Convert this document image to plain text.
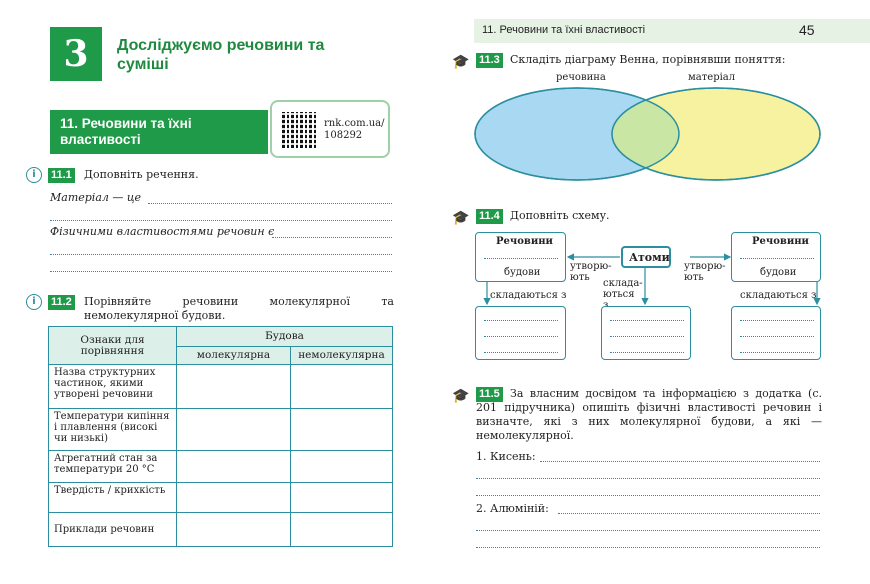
3	Досліджуємо речовини та суміші
11. Речовини та їхні властивості
rnk.com.ua/ 108292
i	11.1 Доповніть речення.
Матеріал — це
Фізичними властивостями речовин є
i	11.2 Порівняйте речовини молекулярної та немолекулярної будови.
Ознаки для порівняння	Будова	
	молекулярна	немолекулярна
Назва структурних частинок, якими утворені речовини		
Температури кипіння і плавлення (високі чи низькі)		
Агрегатний стан за температури 20 °С		
Твердість / крихкість		
Приклади речовин		
11. Речовини та їхні властивості	45
🎓 11.3 Складіть діаграму Венна, порівнявши поняття:
речовина	матеріал
🎓 11.4 Доповніть схему.
Речовини
будови
Атоми
Речовини
будови
утворю- ють
утворю- ють
складаються з
склада- ються	складаються з
🎓 11.5 За власним досвідом та інформацією з додатка (с. 201 підручника) опишіть фізичні властивості речовин і визначте, які з них молекулярної будови, а які — немолекулярної.
1. Кисень:
2. Алюміній:
